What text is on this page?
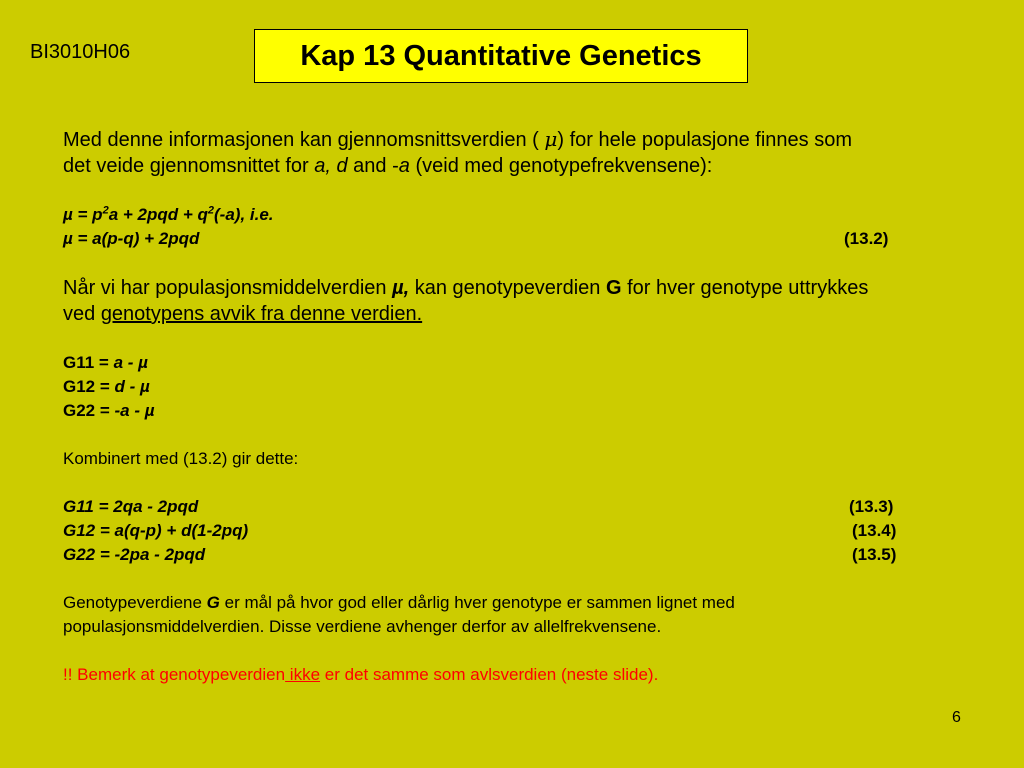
BI3010H06	Kap 13 Quantitative Genetics

Med denne informasjonen kan gjennomsnittsverdien ( μ) for hele populasjone finnes som
det veide gjennomsnittet for a, d and -a (veid med genotypefrekvensene):

$\mu = p^2a + 2pqd + q^2(-a)$, i.e.
µ = a(p-q) + 2pqd	(13.2)

Når vi har populasjonsmiddelverdien µ, kan genotypeverdien G for hver genotype uttrykkes
ved genotypens avvik fra denne verdien.

G11 = a - µ
G12 = d - µ
G22 = -a - µ

Kombinert med (13.2) gir dette:

G11 = 2qa - 2pqd	(13.3)
G12 = a(q-p) + d(1-2pq)	(13.4)
G22 = -2pa - 2pqd	(13.5)

Genotypeverdiene G er mål på hvor god eller dårlig hver genotype er sammen lignet med
populasjonsmiddelverdien. Disse verdiene avhenger derfor av allelfrekvensene.

!! Bemerk at genotypeverdien ikke er det samme som avlsverdien (neste slide).

6
